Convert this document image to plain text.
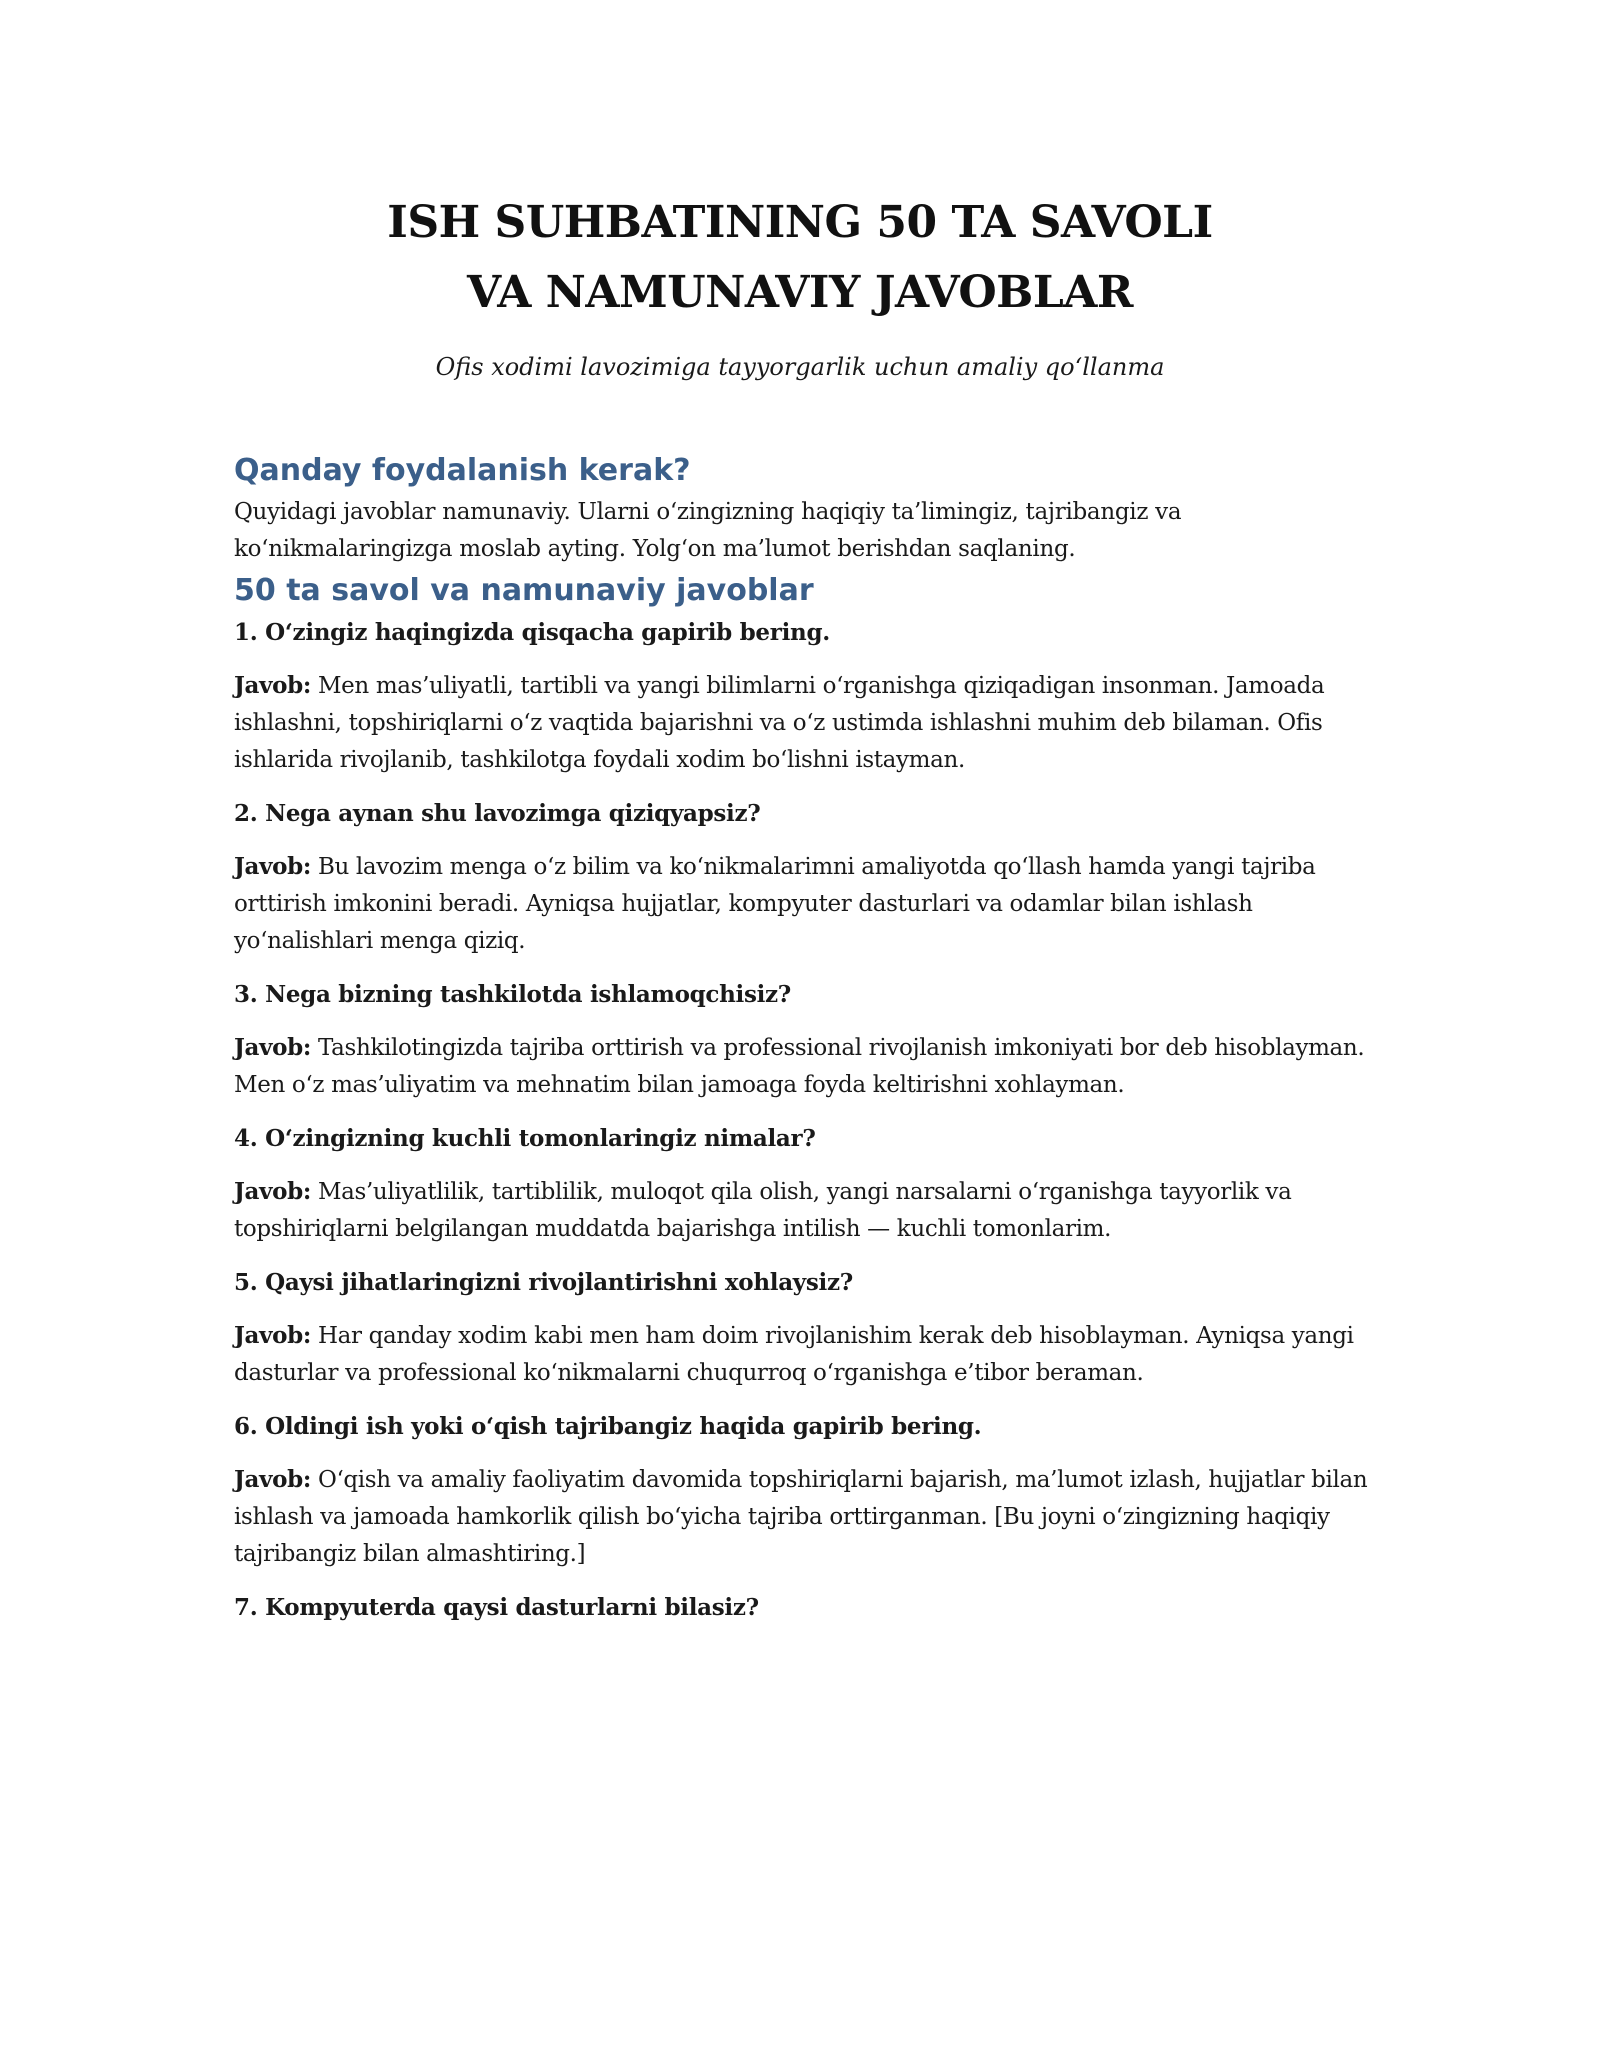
ISH SUHBATINING 50 TA SAVOLI
VA NAMUNAVIY JAVOBLAR
Ofis xodimi lavozimiga tayyorgarlik uchun amaliy qo‘llanma
Qanday foydalanish kerak?

Quyidagi javoblar namunaviy. Ularni o‘zingizning haqiqiy ta’limingiz, tajribangiz va ko‘nikmalaringizga moslab ayting. Yolg‘on ma’lumot berishdan saqlaning.

50 ta savol va namunaviy javoblar

1. O‘zingiz haqingizda qisqacha gapirib bering.

Javob: Men mas’uliyatli, tartibli va yangi bilimlarni o‘rganishga qiziqadigan insonman. Jamoada ishlashni, topshiriqlarni o‘z vaqtida bajarishni va o‘z ustimda ishlashni muhim deb bilaman. Ofis ishlarida rivojlanib, tashkilotga foydali xodim bo‘lishni istayman.

2. Nega aynan shu lavozimga qiziqyapsiz?

Javob: Bu lavozim menga o‘z bilim va ko‘nikmalarimni amaliyotda qo‘llash hamda yangi tajriba orttirish imkonini beradi. Ayniqsa hujjatlar, kompyuter dasturlari va odamlar bilan ishlash yo‘nalishlari menga qiziq.

3. Nega bizning tashkilotda ishlamoqchisiz?

Javob: Tashkilotingizda tajriba orttirish va professional rivojlanish imkoniyati bor deb hisoblayman. Men o‘z mas’uliyatim va mehnatim bilan jamoaga foyda keltirishni xohlayman.

4. O‘zingizning kuchli tomonlaringiz nimalar?

Javob: Mas’uliyatlilik, tartiblilik, muloqot qila olish, yangi narsalarni o‘rganishga tayyorlik va topshiriqlarni belgilangan muddatda bajarishga intilish — kuchli tomonlarim.

5. Qaysi jihatlaringizni rivojlantirishni xohlaysiz?

Javob: Har qanday xodim kabi men ham doim rivojlanishim kerak deb hisoblayman. Ayniqsa yangi dasturlar va professional ko‘nikmalarni chuqurroq o‘rganishga e’tibor beraman.

6. Oldingi ish yoki o‘qish tajribangiz haqida gapirib bering.

Javob: O‘qish va amaliy faoliyatim davomida topshiriqlarni bajarish, ma’lumot izlash, hujjatlar bilan ishlash va jamoada hamkorlik qilish bo‘yicha tajriba orttirganman. [Bu joyni o‘zingizning haqiqiy tajribangiz bilan almashtiring.]

7. Kompyuterda qaysi dasturlarni bilasiz?
